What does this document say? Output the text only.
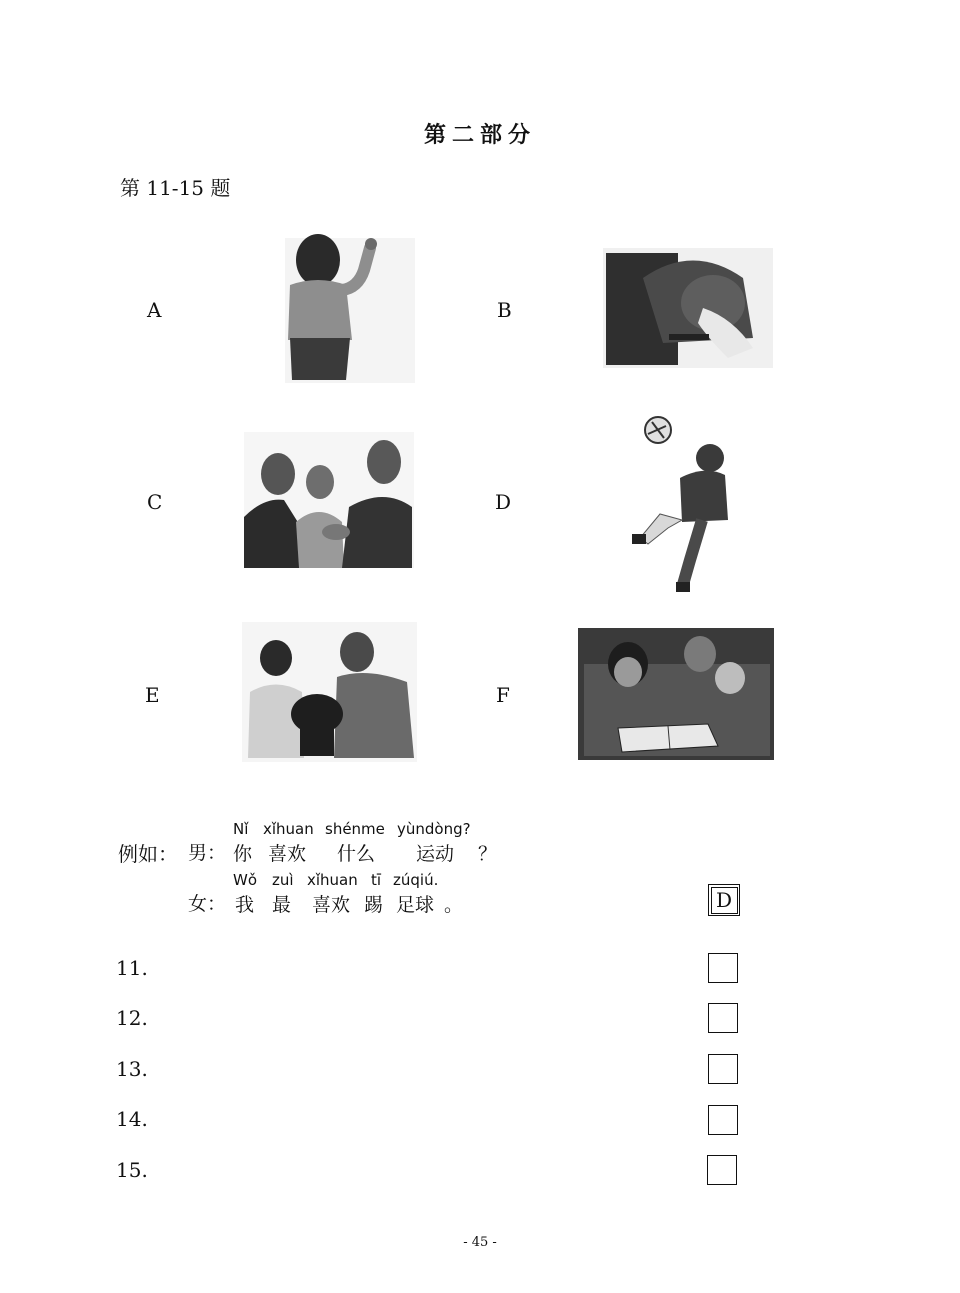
第二部分
第 11-15 题
A	B
C	D
E	F
例如： 男：
Nǐ xǐhuan shénme yùndòng?
你 喜欢 什么 运动 ？
女：
Wǒ zuì xǐhuan tī zúqiú.
我 最 喜欢 踢 足球 。	D
11.
12.
13.
14.
15.
- 45 -
